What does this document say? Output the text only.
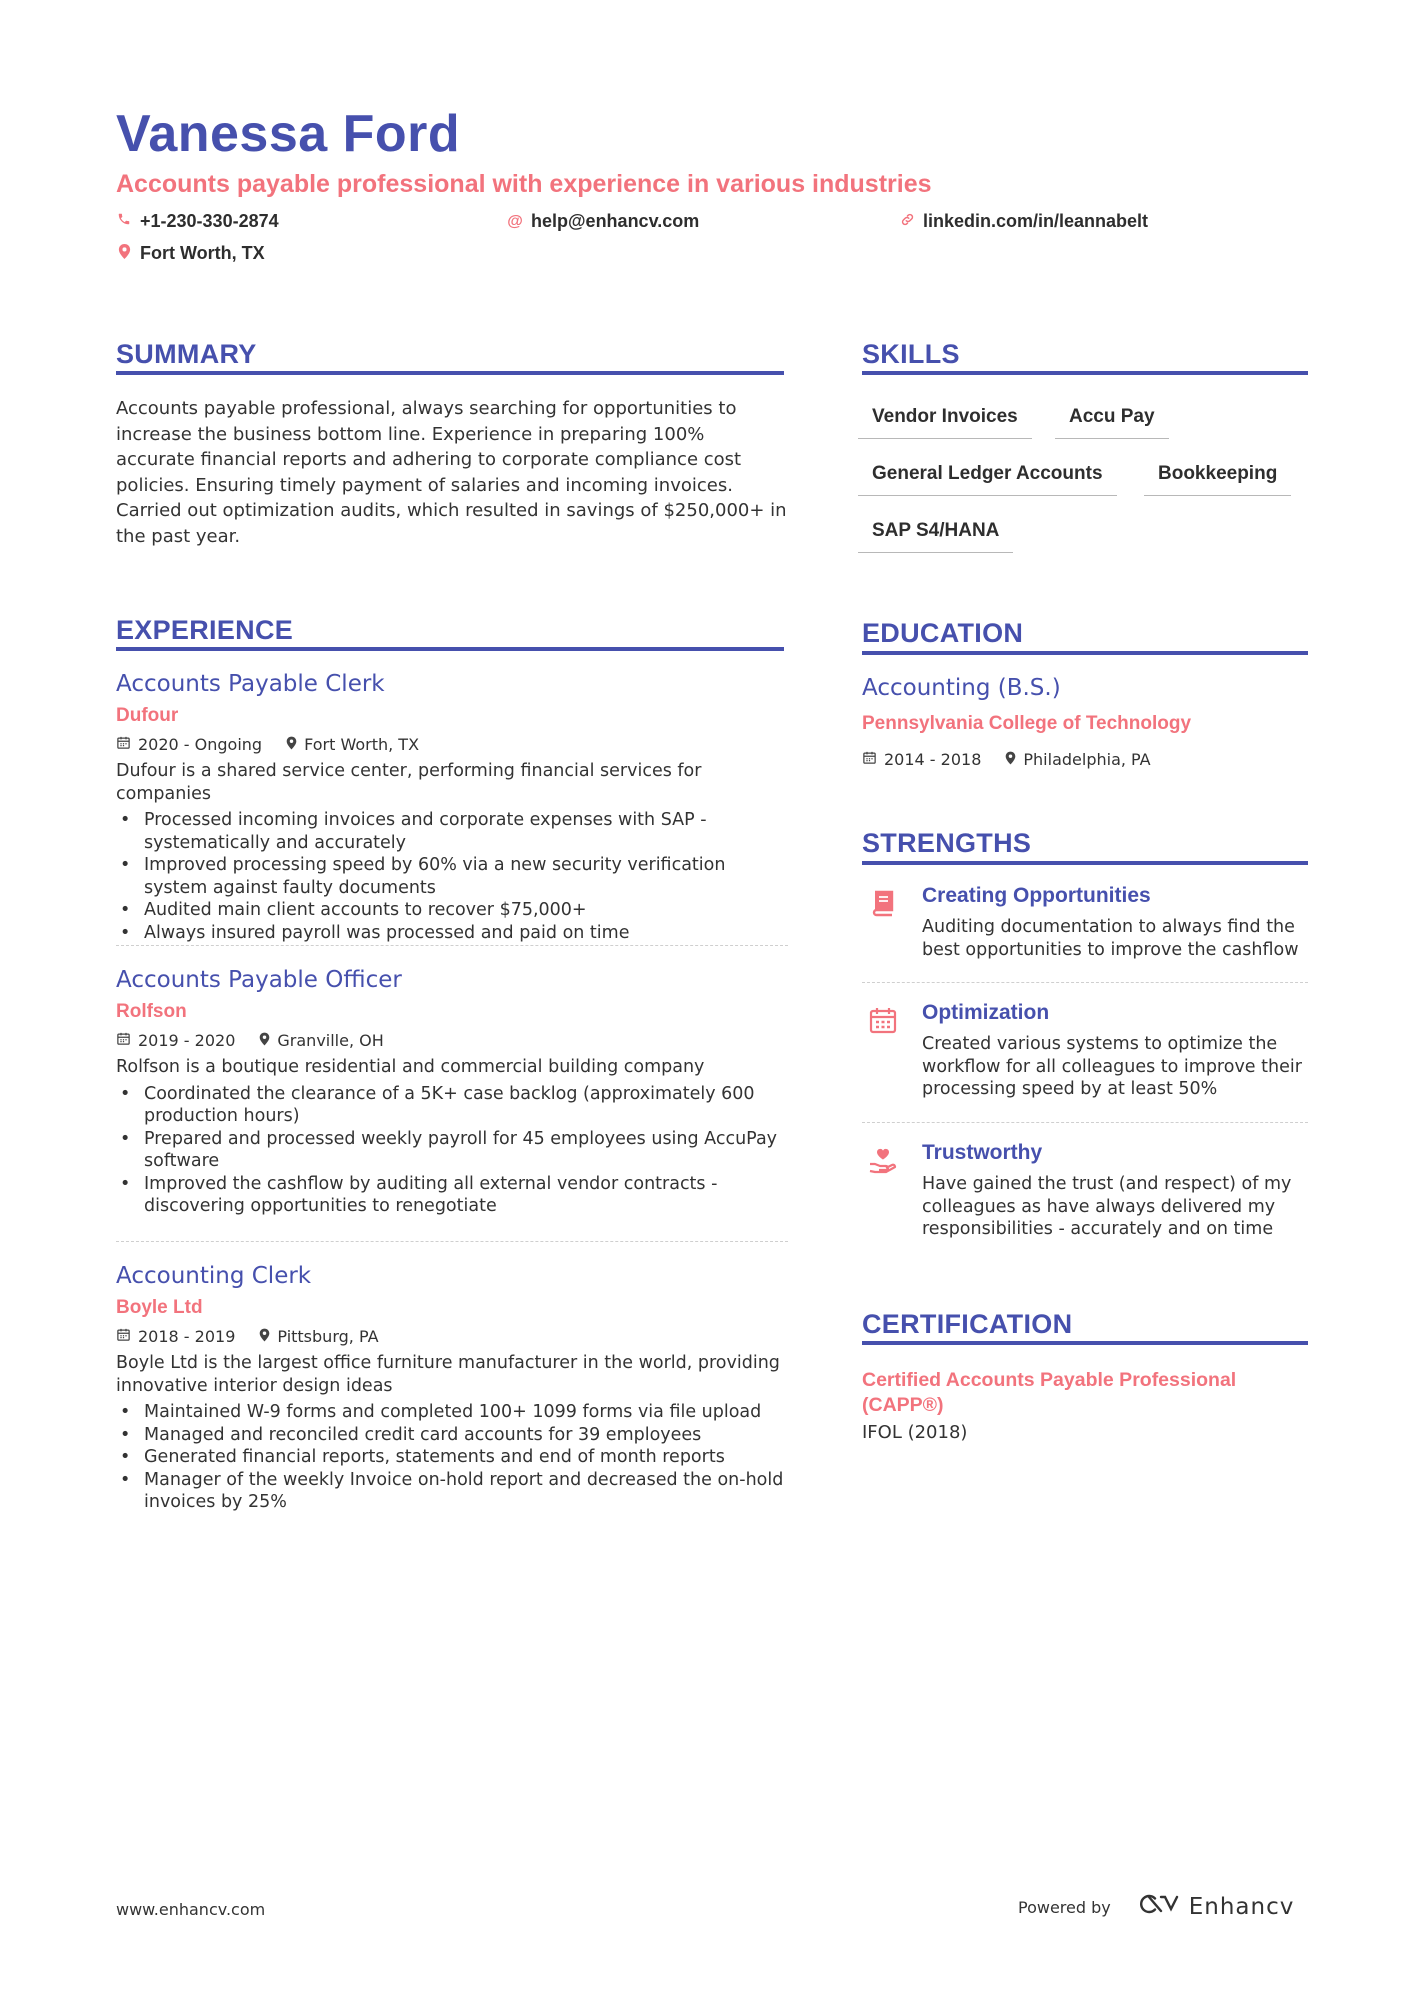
Vanessa Ford
Accounts payable professional with experience in various industries
+1-230-330-2874	@ help@enhancv.com	linkedin.com/in/leannabelt
Fort Worth, TX
SUMMARY
Accounts payable professional, always searching for opportunities to increase the business bottom line. Experience in preparing 100% accurate financial reports and adhering to corporate compliance cost policies. Ensuring timely payment of salaries and incoming invoices. Carried out optimization audits, which resulted in savings of $250,000+ in the past year.
EXPERIENCE
Accounts Payable Clerk
Dufour
2020 - Ongoing	Fort Worth, TX
Dufour is a shared service center, performing financial services for companies
• Processed incoming invoices and corporate expenses with SAP - systematically and accurately
• Improved processing speed by 60% via a new security verification system against faulty documents
• Audited main client accounts to recover $75,000+
• Always insured payroll was processed and paid on time
Accounts Payable Officer
Rolfson
2019 - 2020	Granville, OH
Rolfson is a boutique residential and commercial building company
• Coordinated the clearance of a 5K+ case backlog (approximately 600 production hours)
• Prepared and processed weekly payroll for 45 employees using AccuPay software
• Improved the cashflow by auditing all external vendor contracts - discovering opportunities to renegotiate
Accounting Clerk
Boyle Ltd
2018 - 2019	Pittsburg, PA
Boyle Ltd is the largest office furniture manufacturer in the world, providing innovative interior design ideas
• Maintained W-9 forms and completed 100+ 1099 forms via file upload
• Managed and reconciled credit card accounts for 39 employees
• Generated financial reports, statements and end of month reports
• Manager of the weekly Invoice on-hold report and decreased the on-hold invoices by 25%
SKILLS
Vendor Invoices	Accu Pay
General Ledger Accounts	Bookkeeping
SAP S4/HANA
EDUCATION
Accounting (B.S.)
Pennsylvania College of Technology
2014 - 2018	Philadelphia, PA
STRENGTHS
Creating Opportunities
Auditing documentation to always find the best opportunities to improve the cashflow
Optimization
Created various systems to optimize the workflow for all colleagues to improve their processing speed by at least 50%
Trustworthy
Have gained the trust (and respect) of my colleagues as have always delivered my responsibilities - accurately and on time
CERTIFICATION
Certified Accounts Payable Professional (CAPP®)
IFOL (2018)
www.enhancv.com	Powered by	Enhancv
